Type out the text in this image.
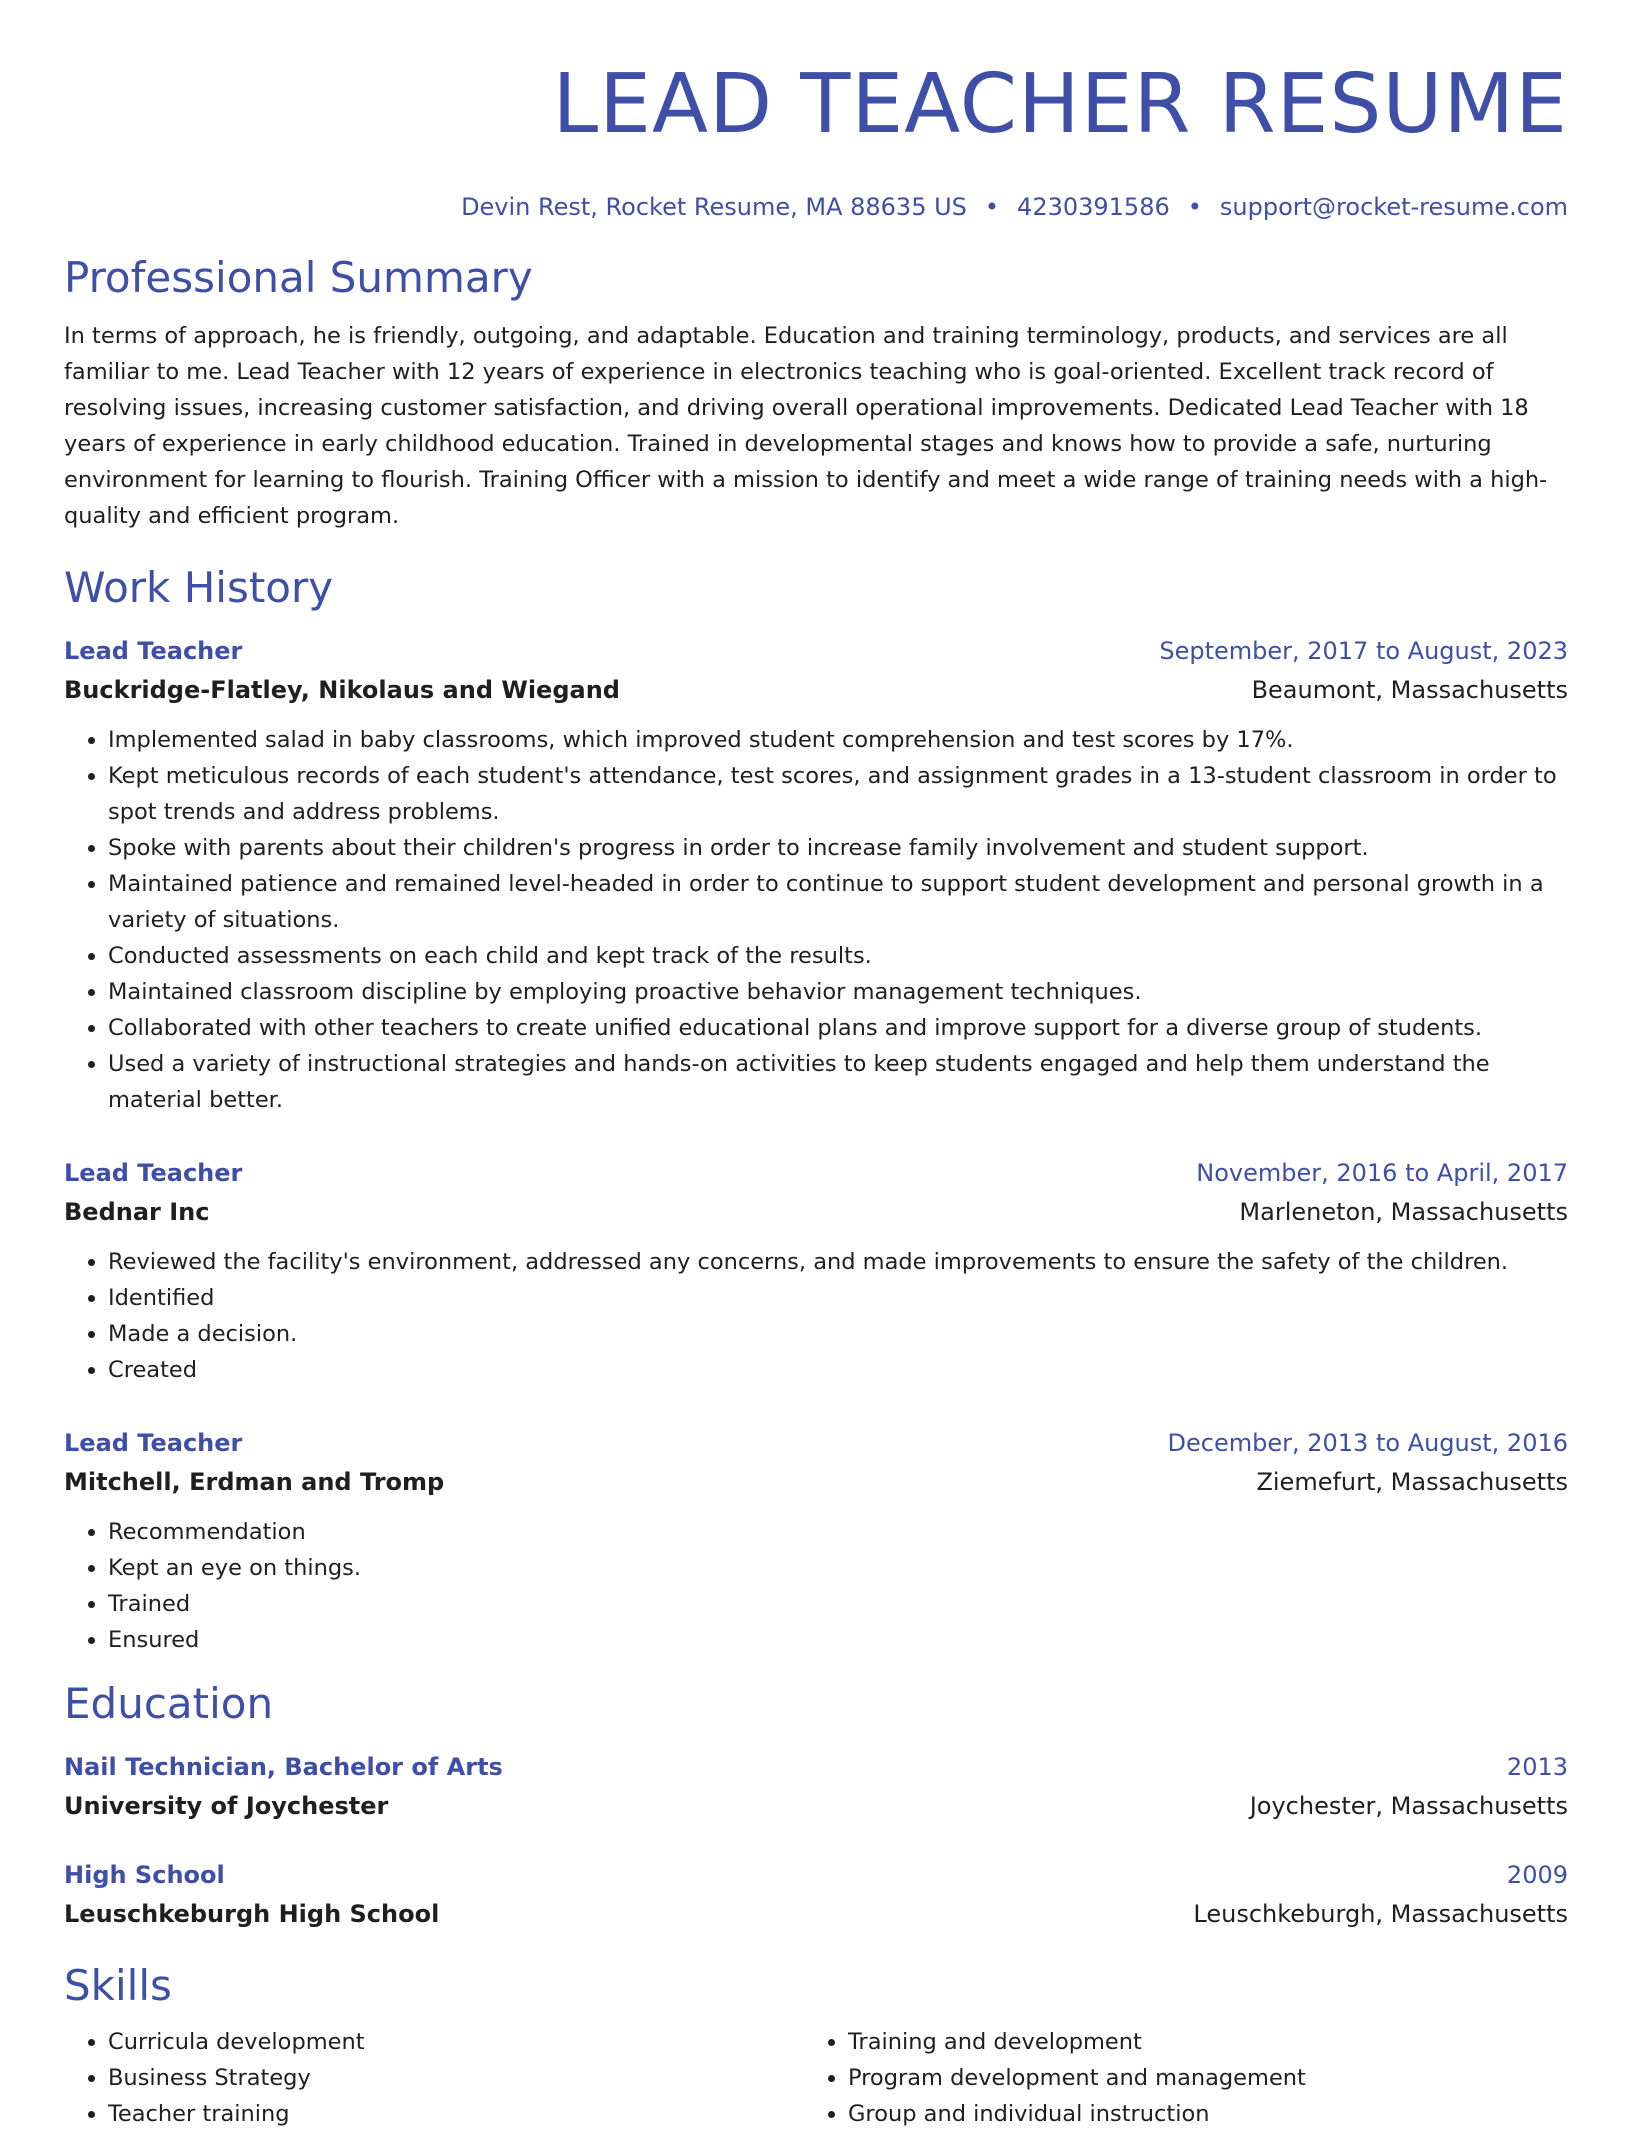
LEAD TEACHER RESUME
Devin Rest, Rocket Resume, MA 88635 US • 4230391586 • support@rocket-resume.com
Professional Summary
In terms of approach, he is friendly, outgoing, and adaptable. Education and training terminology, products, and services are all familiar to me. Lead Teacher with 12 years of experience in electronics teaching who is goal-oriented. Excellent track record of resolving issues, increasing customer satisfaction, and driving overall operational improvements. Dedicated Lead Teacher with 18 years of experience in early childhood education. Trained in developmental stages and knows how to provide a safe, nurturing environment for learning to flourish. Training Officer with a mission to identify and meet a wide range of training needs with a high-quality and efficient program.
Work History
Lead Teacher	September, 2017 to August, 2023
Buckridge-Flatley, Nikolaus and Wiegand	Beaumont, Massachusetts
• Implemented salad in baby classrooms, which improved student comprehension and test scores by 17%.
• Kept meticulous records of each student's attendance, test scores, and assignment grades in a 13-student classroom in order to spot trends and address problems.
• Spoke with parents about their children's progress in order to increase family involvement and student support.
• Maintained patience and remained level-headed in order to continue to support student development and personal growth in a variety of situations.
• Conducted assessments on each child and kept track of the results.
• Maintained classroom discipline by employing proactive behavior management techniques.
• Collaborated with other teachers to create unified educational plans and improve support for a diverse group of students.
• Used a variety of instructional strategies and hands-on activities to keep students engaged and help them understand the material better.
Lead Teacher	November, 2016 to April, 2017
Bednar Inc	Marleneton, Massachusetts
• Reviewed the facility's environment, addressed any concerns, and made improvements to ensure the safety of the children.
• Identified
• Made a decision.
• Created
Lead Teacher	December, 2013 to August, 2016
Mitchell, Erdman and Tromp	Ziemefurt, Massachusetts
• Recommendation
• Kept an eye on things.
• Trained
• Ensured
Education
Nail Technician, Bachelor of Arts	2013
University of Joychester	Joychester, Massachusetts
High School	2009
Leuschkeburgh High School	Leuschkeburgh, Massachusetts
Skills
• Curricula development
• Business Strategy
• Teacher training
• Training and development
• Program development and management
• Group and individual instruction
